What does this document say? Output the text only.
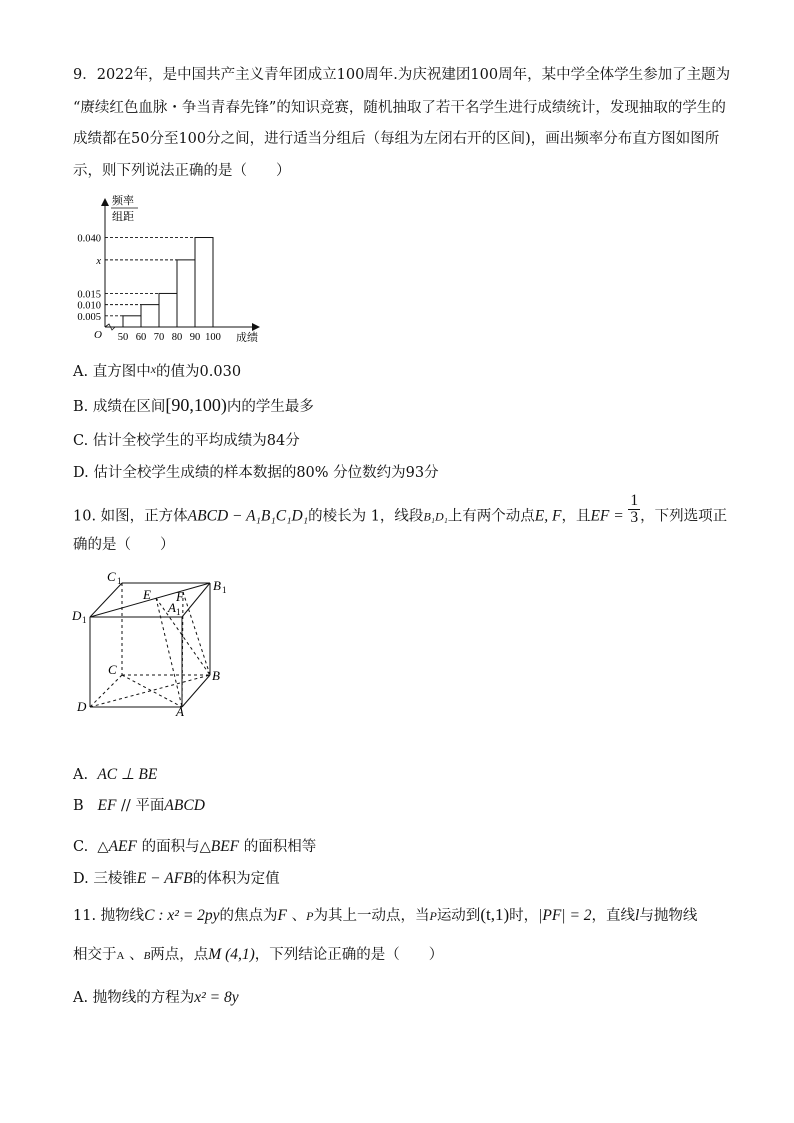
9．2022年，是中国共产主义青年团成立100周年.为庆祝建团100周年，某中学全体学生参加了主题为
“赓续红色血脉・争当青春先锋”的知识竞赛，随机抽取了若干名学生进行成绩统计，发现抽取的学生的
成绩都在50分至100分之间，进行适当分组后（每组为左闭右开的区间)，画出频率分布直方图如图所
示，则下列说法正确的是（　　）
频率
组距
O	成绩
0.005
0.010
0.015
x
0.040
50 60 70 80 90 100
A. 直方图中$^x$的值为0.030
B. 成绩在区间[90,100)内的学生最多
C. 估计全校学生的平均成绩为84分
D. 估计全校学生成绩的样本数据的80% 分位数约为93分
10. 如图，正方体ABCD − A₁B₁C₁D₁的棱长为 1，线段B₁D₁上有两个动点E, F，且EF = $\frac{1}{3}$ ，下列选项正
确的是（　　）
C 1	B 1
D 1
A 1
E F
C	B
D	A
A. AC ⊥ BE
B EF // 平面ABCD
C. △AEF 的面积与△BEF 的面积相等
D. 三棱锥E − AFB的体积为定值
11. 抛物线C : x² = 2py的焦点为F 、P为其上一动点，当P运动到(t,1)时，|PF| = 2，直线l与抛物线
相交于A 、B两点，点M (4,1)，下列结论正确的是（　　）
A. 抛物线的方程为x² = 8y
